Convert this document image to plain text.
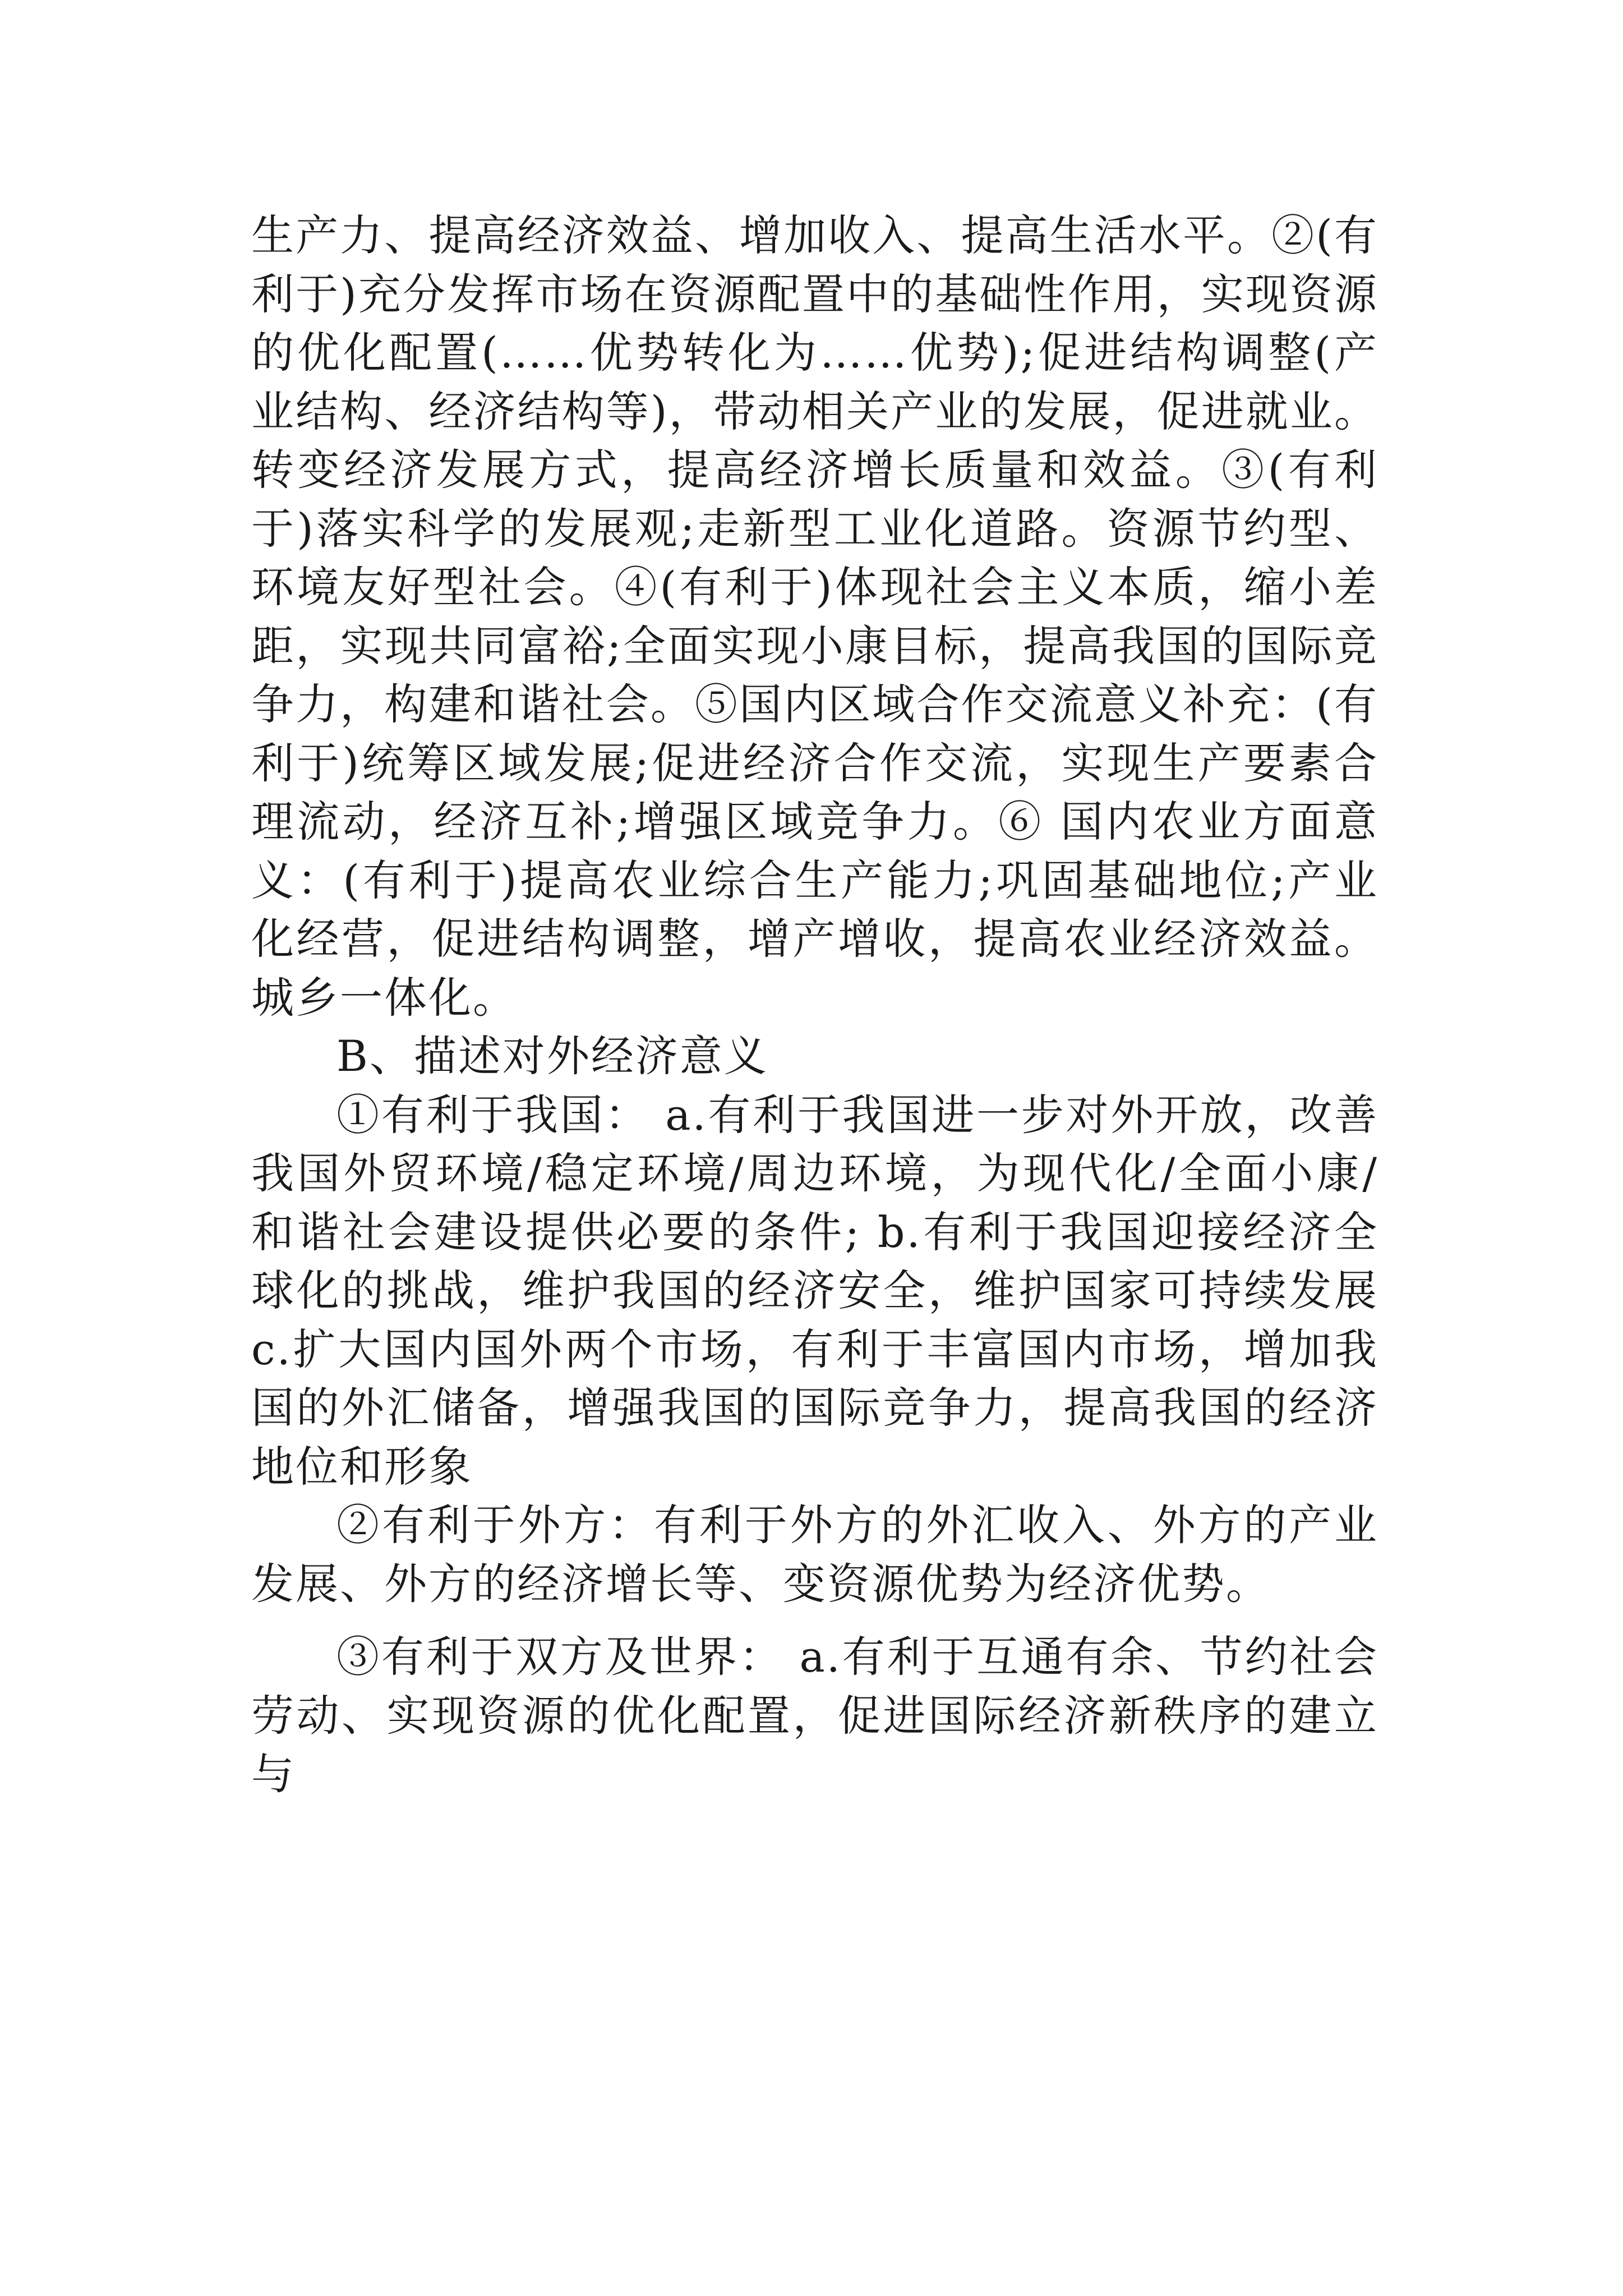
生产力、提高经济效益、增加收入、提高生活水平。②(有利于)充分发挥市场在资源配置中的基础性作用，实现资源的优化配置(……优势转化为……优势);促进结构调整(产业结构、经济结构等)，带动相关产业的发展，促进就业。转变经济发展方式，提高经济增长质量和效益。③(有利于)落实科学的发展观;走新型工业化道路。资源节约型、环境友好型社会。④(有利于)体现社会主义本质，缩小差距，实现共同富裕;全面实现小康目标，提高我国的国际竞争力，构建和谐社会。⑤国内区域合作交流意义补充：(有利于)统筹区域发展;促进经济合作交流，实现生产要素合理流动，经济互补;增强区域竞争力。⑥ 国内农业方面意义：(有利于)提高农业综合生产能力;巩固基础地位;产业化经营，促进结构调整，增产增收，提高农业经济效益。城乡一体化。

B、描述对外经济意义

①有利于我国： a.有利于我国进一步对外开放，改善我国外贸环境/稳定环境/周边环境，为现代化/全面小康/和谐社会建设提供必要的条件; b.有利于我国迎接经济全球化的挑战，维护我国的经济安全，维护国家可持续发展 c.扩大国内国外两个市场，有利于丰富国内市场，增加我国的外汇储备，增强我国的国际竞争力，提高我国的经济地位和形象

②有利于外方：有利于外方的外汇收入、外方的产业发展、外方的经济增长等、变资源优势为经济优势。

③有利于双方及世界： a.有利于互通有余、节约社会劳动、实现资源的优化配置，促进国际经济新秩序的建立与
